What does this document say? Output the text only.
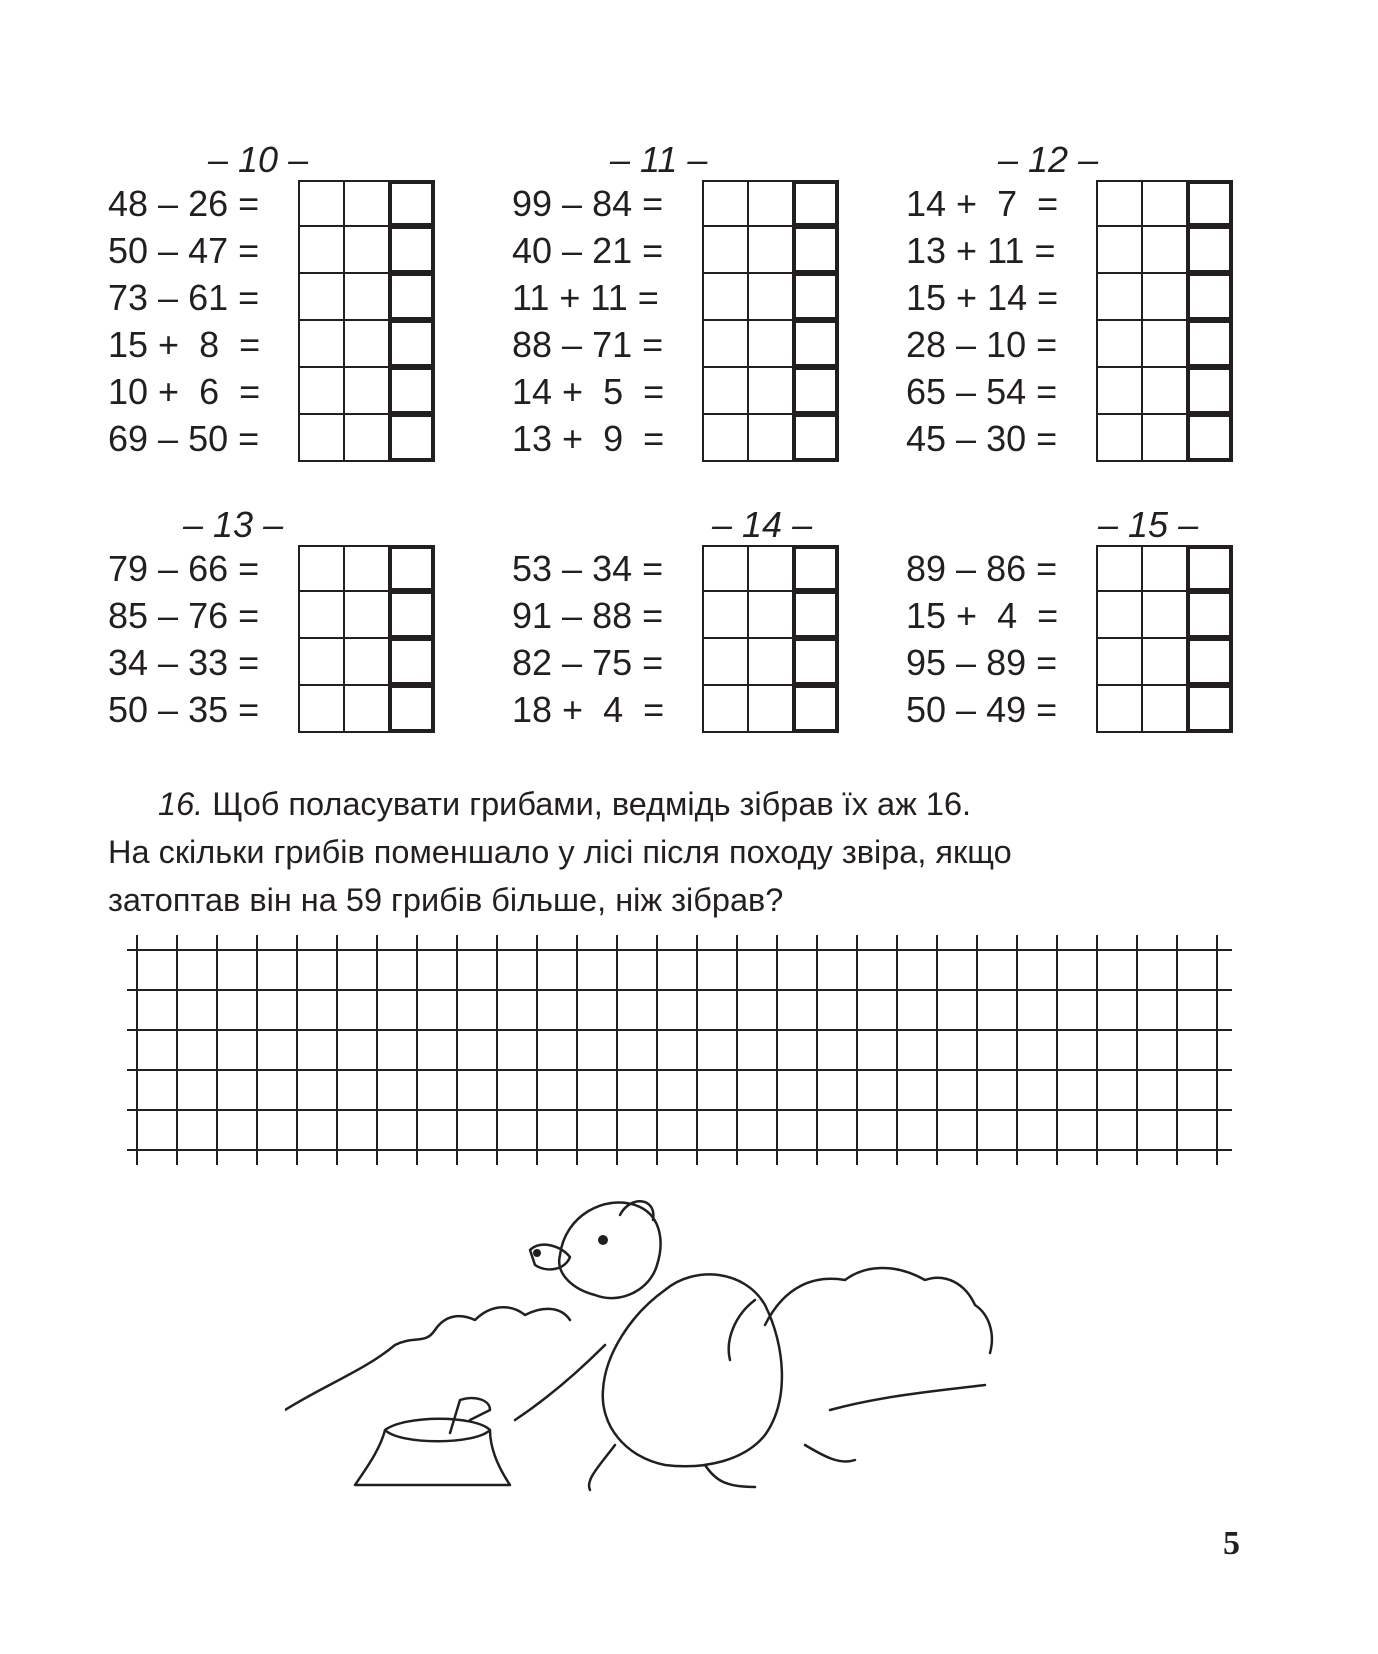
– 10 –
48 – 26 =
50 – 47 =
73 – 61 =
15 +  8  =
10 +  6  =
69 – 50 =
– 11 –
99 – 84 =
40 – 21 =
11 + 11 =
88 – 71 =
14 +  5  =
13 +  9  =
– 12 –
14 +  7  =
13 + 11 =
15 + 14 =
28 – 10 =
65 – 54 =
45 – 30 =
– 13 –
79 – 66 =
85 – 76 =
34 – 33 =
50 – 35 =
– 14 –
53 – 34 =
91 – 88 =
82 – 75 =
18 +  4  =
– 15 –
89 – 86 =
15 +  4  =
95 – 89 =
50 – 49 =
16. Щоб поласувати грибами, ведмідь зібрав їх аж 16.
На скільки грибів поменшало у лісі після походу звіра, якщо
затоптав він на 59 грибів більше, ніж зібрав?
5
